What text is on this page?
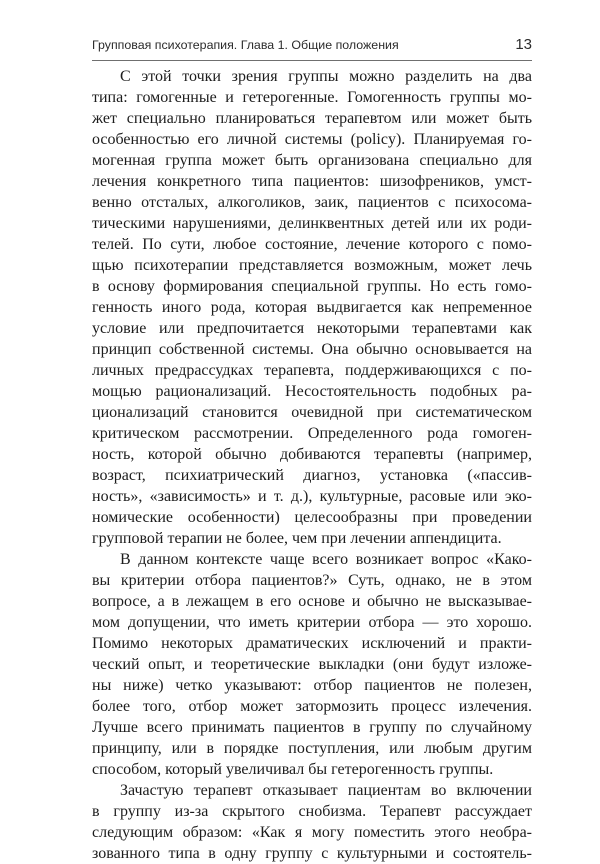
Групповая психотерапия. Глава 1. Общие положения	13
С этой точки зрения группы можно разделить на два
типа: гомогенные и гетерогенные. Гомогенность группы мо-
жет специально планироваться терапевтом или может быть
особенностью его личной системы (policy). Планируемая го-
могенная группа может быть организована специально для
лечения конкретного типа пациентов: шизофреников, умст-
венно отсталых, алкоголиков, заик, пациентов с психосома-
тическими нарушениями, делинквентных детей или их роди-
телей. По сути, любое состояние, лечение которого с помо-
щью психотерапии представляется возможным, может лечь
в основу формирования специальной группы. Но есть гомо-
генность иного рода, которая выдвигается как непременное
условие или предпочитается некоторыми терапевтами как
принцип собственной системы. Она обычно основывается на
личных предрассудках терапевта, поддерживающихся с по-
мощью рационализаций. Несостоятельность подобных ра-
ционализаций становится очевидной при систематическом
критическом рассмотрении. Определенного рода гомоген-
ность, которой обычно добиваются терапевты (например,
возраст, психиатрический диагноз, установка («пассив-
ность», «зависимость» и т. д.), культурные, расовые или эко-
номические особенности) целесообразны при проведении
групповой терапии не более, чем при лечении аппендицита.
В данном контексте чаще всего возникает вопрос «Како-
вы критерии отбора пациентов?» Суть, однако, не в этом
вопросе, а в лежащем в его основе и обычно не высказывае-
мом допущении, что иметь критерии отбора — это хорошо.
Помимо некоторых драматических исключений и практи-
ческий опыт, и теоретические выкладки (они будут изложе-
ны ниже) четко указывают: отбор пациентов не полезен,
более того, отбор может затормозить процесс излечения.
Лучше всего принимать пациентов в группу по случайному
принципу, или в порядке поступления, или любым другим
способом, который увеличивал бы гетерогенность группы.
Зачастую терапевт отказывает пациентам во включении
в группу из-за скрытого снобизма. Терапевт рассуждает
следующим образом: «Как я могу поместить этого необра-
зованного типа в одну группу с культурными и состоятель-
